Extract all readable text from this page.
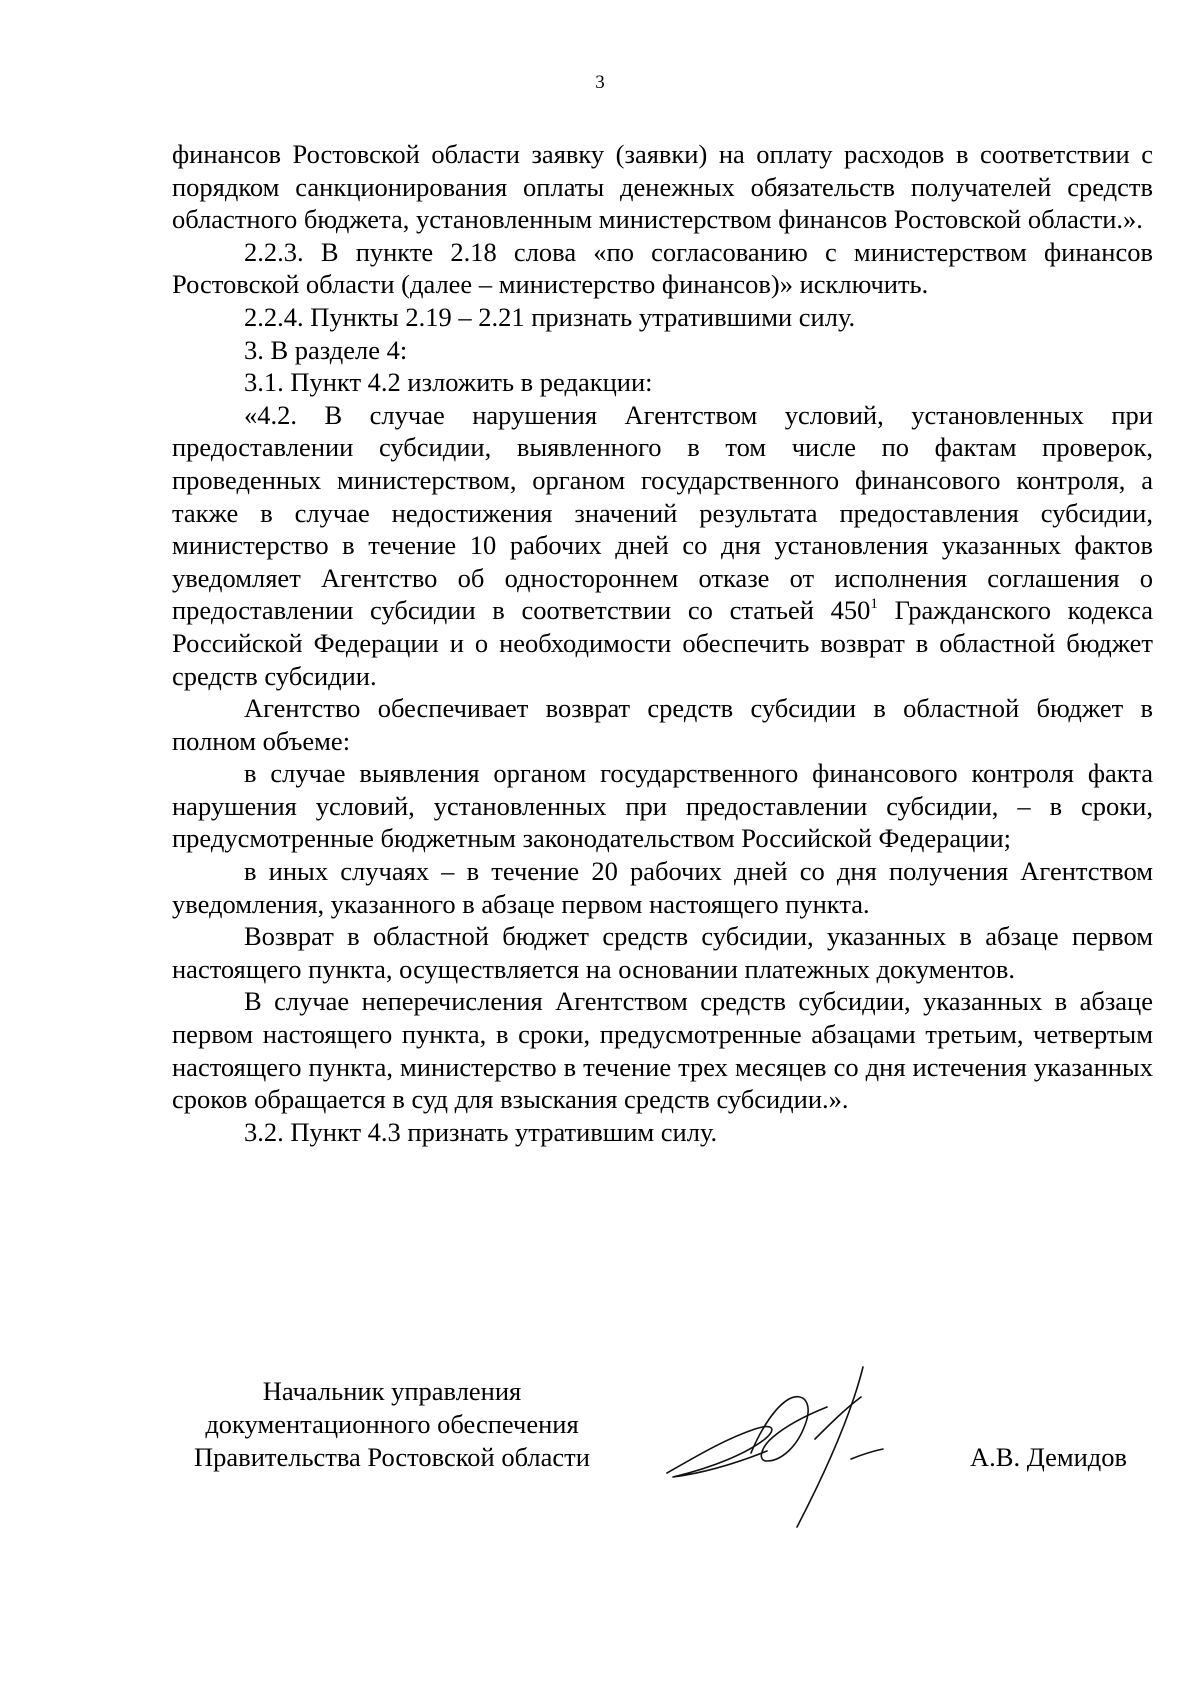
3

финансов Ростовской области заявку (заявки) на оплату расходов в соответствии с порядком санкционирования оплаты денежных обязательств получателей средств областного бюджета, установленным министерством финансов Ростовской области.».

2.2.3. В пункте 2.18 слова «по согласованию с министерством финансов Ростовской области (далее – министерство финансов)» исключить.

2.2.4. Пункты 2.19 – 2.21 признать утратившими силу.

3. В разделе 4:

3.1. Пункт 4.2 изложить в редакции:

«4.2. В случае нарушения Агентством условий, установленных при предоставлении субсидии, выявленного в том числе по фактам проверок, проведенных министерством, органом государственного финансового контроля, а также в случае недостижения значений результата предоставления субсидии, министерство в течение 10 рабочих дней со дня установления указанных фактов уведомляет Агентство об одностороннем отказе от исполнения соглашения о предоставлении субсидии в соответствии со статьей $450^1$ Гражданского кодекса Российской Федерации и о необходимости обеспечить возврат в областной бюджет средств субсидии.

Агентство обеспечивает возврат средств субсидии в областной бюджет в полном объеме:

в случае выявления органом государственного финансового контроля факта нарушения условий, установленных при предоставлении субсидии, – в сроки, предусмотренные бюджетным законодательством Российской Федерации;

в иных случаях – в течение 20 рабочих дней со дня получения Агентством уведомления, указанного в абзаце первом настоящего пункта.

Возврат в областной бюджет средств субсидии, указанных в абзаце первом настоящего пункта, осуществляется на основании платежных документов.

В случае неперечисления Агентством средств субсидии, указанных в абзаце первом настоящего пункта, в сроки, предусмотренные абзацами третьим, четвертым настоящего пункта, министерство в течение трех месяцев со дня истечения указанных сроков обращается в суд для взыскания средств субсидии.».

3.2. Пункт 4.3 признать утратившим силу.

Начальник управления
документационного обеспечения
Правительства Ростовской области	А.В. Демидов
